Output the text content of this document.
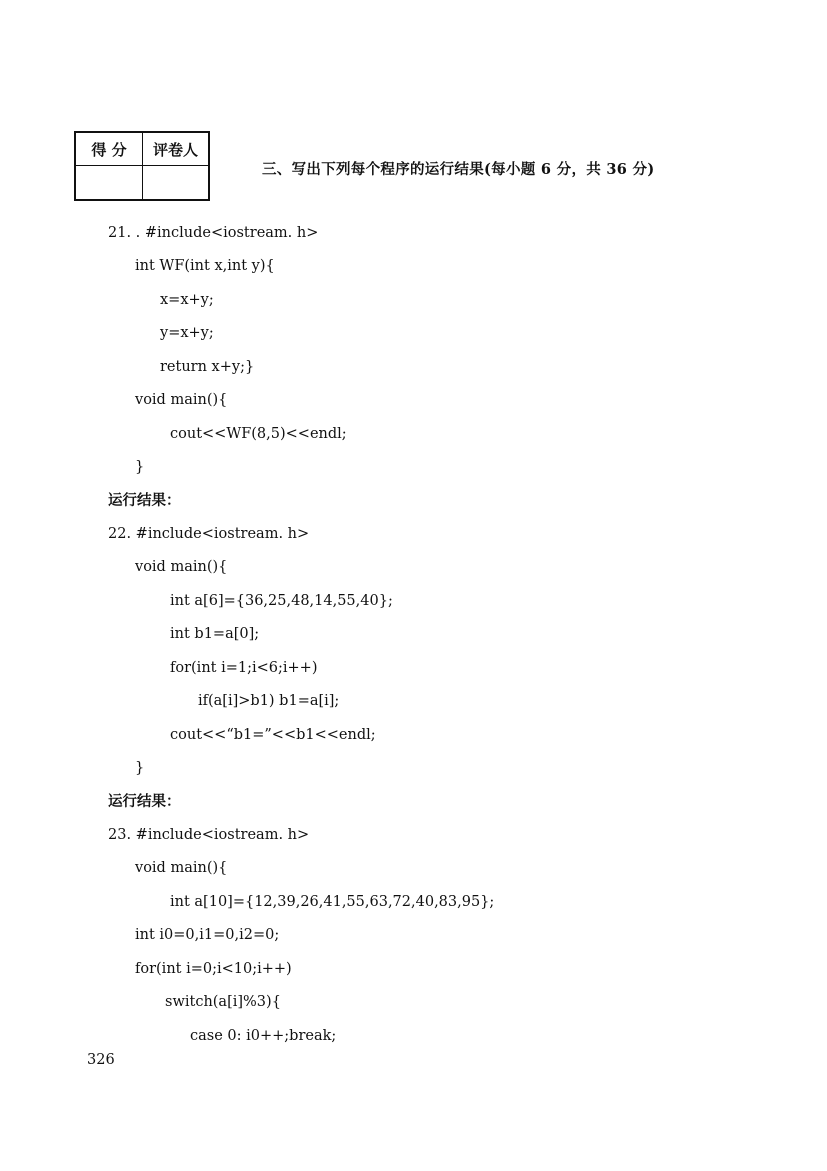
得 分	评卷人

三、写出下列每个程序的运行结果(每小题 6 分，共 36 分)
21. . #include<iostream. h>
int WF(int x,int y){
x=x+y;
y=x+y;
return x+y;}
void main(){
cout<<WF(8,5)<<endl;
}
运行结果：
22. #include<iostream. h>
void main(){
int a[6]={36,25,48,14,55,40};
int b1=a[0];
for(int i=1;i<6;i++)
if(a[i]>b1) b1=a[i];
cout<<“b1=”<<b1<<endl;
}
运行结果：
23. #include<iostream. h>
void main(){
int a[10]={12,39,26,41,55,63,72,40,83,95};
int i0=0,i1=0,i2=0;
for(int i=0;i<10;i++)
switch(a[i]%3){
case 0: i0++;break;
326
